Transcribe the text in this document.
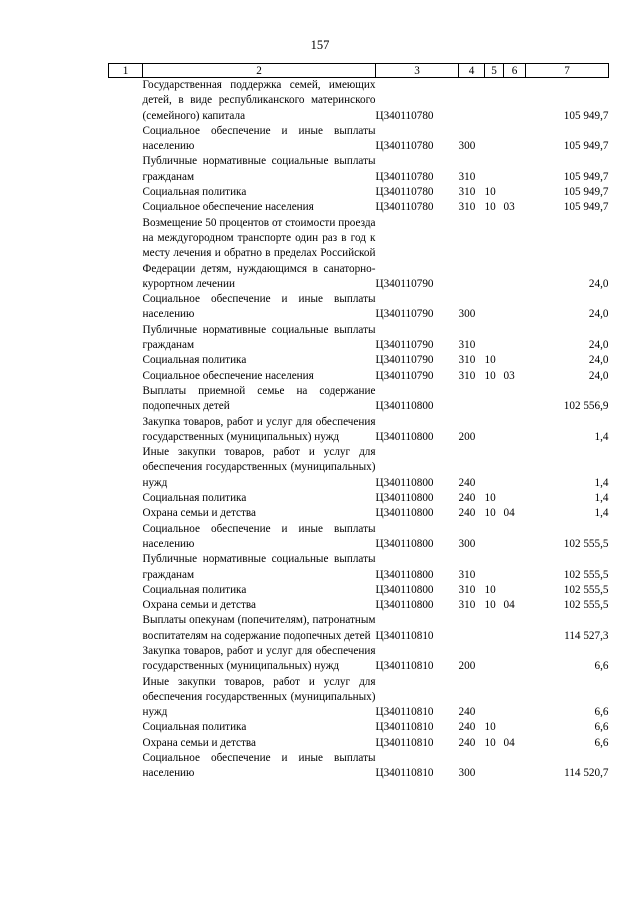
157
1	2	3	4	5	6	7
	Государственная поддержка семей, имеющих детей, в виде республиканского материнского (семейного) капитала	Ц340110780				105 949,7
	Социальное обеспечение и иные выплаты населению	Ц340110780	300			105 949,7
	Публичные нормативные социальные выплаты гражданам	Ц340110780	310			105 949,7
	Социальная политика	Ц340110780	310	10		105 949,7
	Социальное обеспечение населения	Ц340110780	310	10	03	105 949,7
	Возмещение 50 процентов от стоимости проезда на междугородном транспорте один раз в год к месту лечения и обратно в пределах Российской Федерации детям, нуждающимся в санаторно-курортном лечении	Ц340110790				24,0
	Социальное обеспечение и иные выплаты населению	Ц340110790	300			24,0
	Публичные нормативные социальные выплаты гражданам	Ц340110790	310			24,0
	Социальная политика	Ц340110790	310	10		24,0
	Социальное обеспечение населения	Ц340110790	310	10	03	24,0
	Выплаты приемной семье на содержание подопечных детей	Ц340110800				102 556,9
	Закупка товаров, работ и услуг для обеспечения государственных (муниципальных) нужд	Ц340110800	200			1,4
	Иные закупки товаров, работ и услуг для обеспечения государственных (муниципальных) нужд	Ц340110800	240			1,4
	Социальная политика	Ц340110800	240	10		1,4
	Охрана семьи и детства	Ц340110800	240	10	04	1,4
	Социальное обеспечение и иные выплаты населению	Ц340110800	300			102 555,5
	Публичные нормативные социальные выплаты гражданам	Ц340110800	310			102 555,5
	Социальная политика	Ц340110800	310	10		102 555,5
	Охрана семьи и детства	Ц340110800	310	10	04	102 555,5
	Выплаты опекунам (попечителям), патронатным воспитателям на содержание подопечных детей	Ц340110810				114 527,3
	Закупка товаров, работ и услуг для обеспечения государственных (муниципальных) нужд	Ц340110810	200			6,6
	Иные закупки товаров, работ и услуг для обеспечения государственных (муниципальных) нужд	Ц340110810	240			6,6
	Социальная политика	Ц340110810	240	10		6,6
	Охрана семьи и детства	Ц340110810	240	10	04	6,6
	Социальное обеспечение и иные выплаты населению	Ц340110810	300			114 520,7
